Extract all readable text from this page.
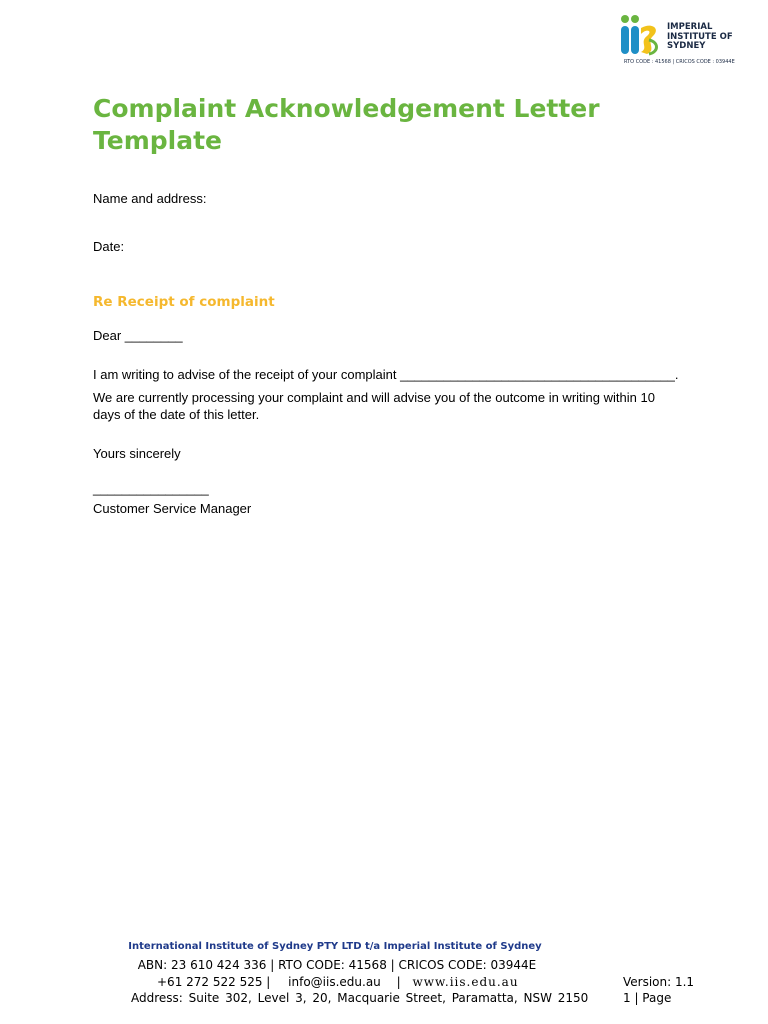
IMPERIAL
INSTITUTE OF
SYDNEY
RTO CODE : 41568 | CRICOS CODE : 03944E
Complaint Acknowledgement Letter Template
Name and address:
Date:
Re Receipt of complaint
Dear ________
I am writing to advise of the receipt of your complaint ______________________________________.
We are currently processing your complaint and will advise you of the outcome in writing within 10 days of the date of this letter.
Yours sincerely
________________
Customer Service Manager
International Institute of Sydney PTY LTD t/a Imperial Institute of Sydney
ABN: 23 610 424 336 | RTO CODE: 41568 | CRICOS CODE: 03944E
+61 272 522 525 | info@iis.edu.au | www.iis.edu.au
Address: Suite 302, Level 3, 20, Macquarie Street, Paramatta, NSW 2150
Version: 1.1
1 | Page
